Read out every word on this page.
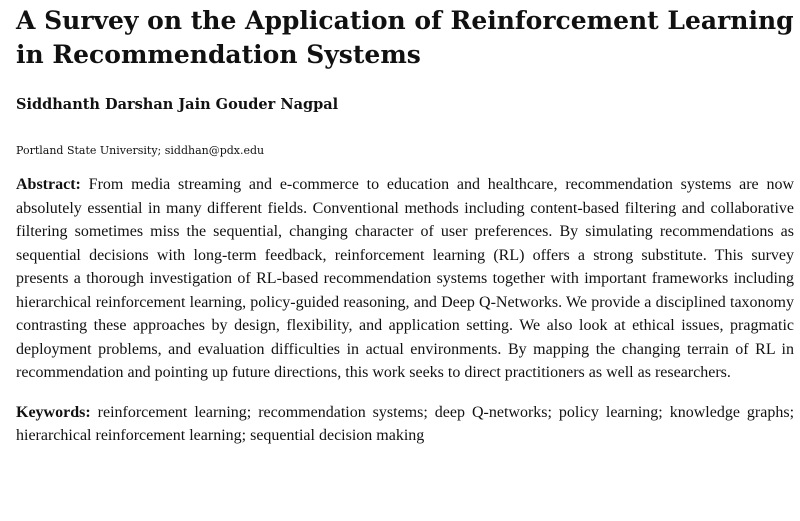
A Survey on the Application of Reinforcement Learning in Recommendation Systems
Siddhanth Darshan Jain Gouder Nagpal
Portland State University; siddhan@pdx.edu
Abstract: From media streaming and e-commerce to education and healthcare, recommendation systems are now absolutely essential in many different fields. Conventional methods including content-based filtering and collaborative filtering sometimes miss the sequential, changing character of user preferences. By simulating recommendations as sequential decisions with long-term feedback, reinforcement learning (RL) offers a strong substitute. This survey presents a thorough investigation of RL-based recommendation systems together with important frameworks including hierarchical reinforcement learning, policy-guided reasoning, and Deep Q-Networks. We provide a disciplined taxonomy contrasting these approaches by design, flexibility, and application setting. We also look at ethical issues, pragmatic deployment problems, and evaluation difficulties in actual environments. By mapping the changing terrain of RL in recommendation and pointing up future directions, this work seeks to direct practitioners as well as researchers.
Keywords: reinforcement learning; recommendation systems; deep Q-networks; policy learning; knowledge graphs; hierarchical reinforcement learning; sequential decision making
